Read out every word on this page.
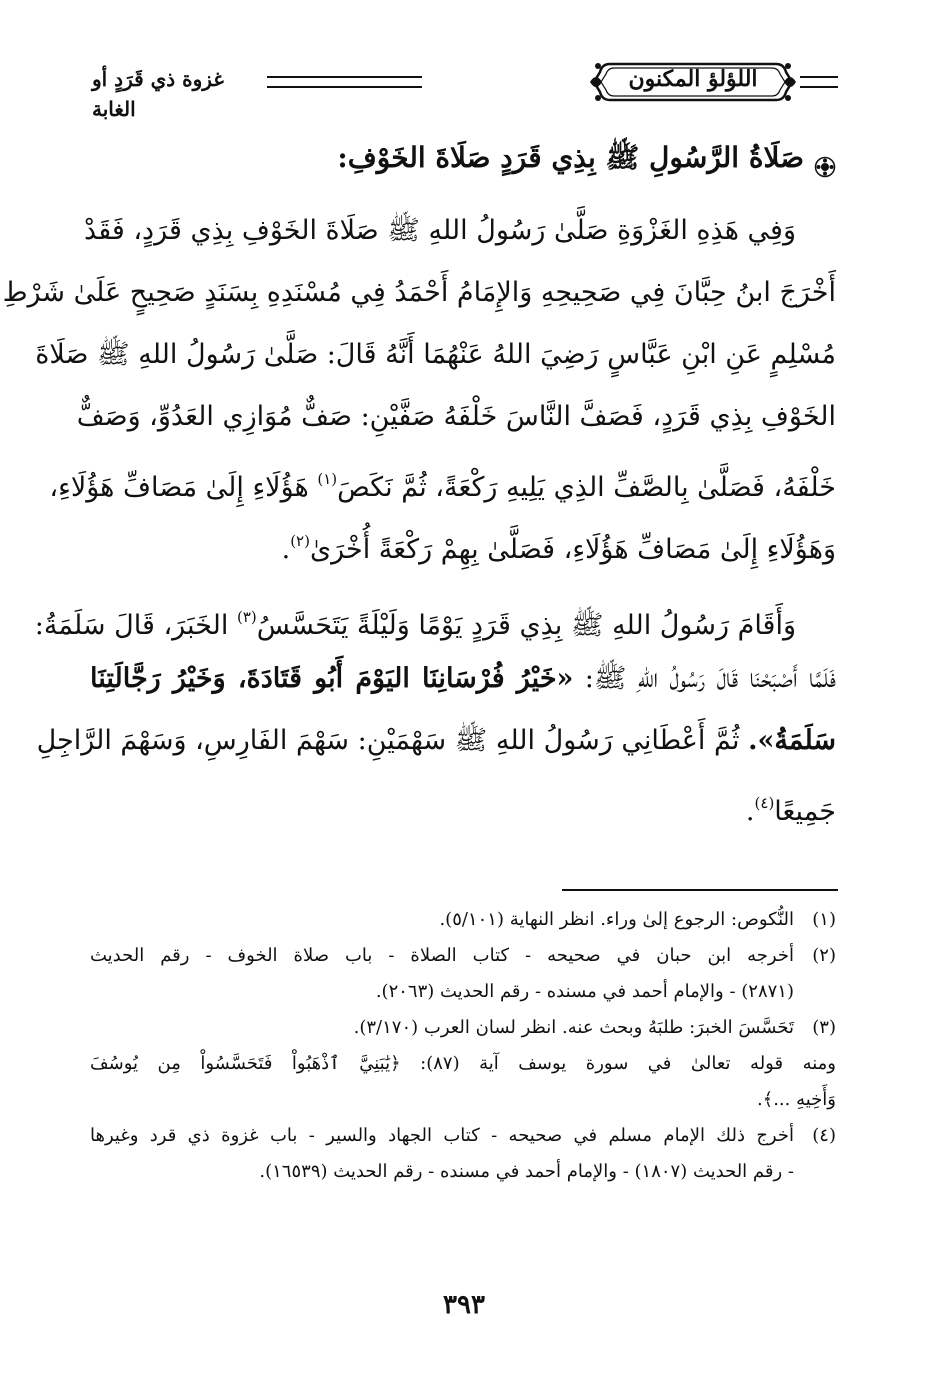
اللؤلؤ المكنون
غزوة ذي قَرَدٍ أو الغابة
صَلَاةُ الرَّسُولِ ﷺ بِذِي قَرَدٍ صَلَاةَ الخَوْفِ:
وَفِي هَذِهِ الغَزْوَةِ صَلَّىٰ رَسُولُ اللهِ ﷺ صَلَاةَ الخَوْفِ بِذِي قَرَدٍ، فَقَدْ
أَخْرَجَ ابنُ حِبَّانَ فِي صَحِيحِهِ وَالإِمَامُ أَحْمَدُ فِي مُسْنَدِهِ بِسَنَدٍ صَحِيحٍ عَلَىٰ شَرْطِ
مُسْلِمٍ عَنِ ابْنِ عَبَّاسٍ رَضِيَ اللهُ عَنْهُمَا أَنَّهُ قَالَ: صَلَّىٰ رَسُولُ اللهِ ﷺ صَلَاةَ
الخَوْفِ بِذِي قَرَدٍ، فَصَفَّ النَّاسَ خَلْفَهُ صَفَّيْنِ: صَفٌّ مُوَازِي العَدُوِّ، وَصَفٌّ
خَلْفَهُ، فَصَلَّىٰ بِالصَّفِّ الذِي يَلِيهِ رَكْعَةً، ثُمَّ نَكَصَ$^{(١)}$ هَؤُلَاءِ إِلَىٰ مَصَافِّ هَؤُلَاءِ،
وَهَؤُلَاءِ إِلَىٰ مَصَافِّ هَؤُلَاءِ، فَصَلَّىٰ بِهِمْ رَكْعَةً أُخْرَىٰ$^{(٢)}$.
وَأَقَامَ رَسُولُ اللهِ ﷺ بِذِي قَرَدٍ يَوْمًا وَلَيْلَةً يَتَحَسَّسُ$^{(٣)}$ الخَبَرَ، قَالَ سَلَمَةُ:
فَلَمَّا أَصْبَحْنَا قَالَ رَسُولُ اللهِ ﷺ: «خَيْرُ فُرْسَانِنَا اليَوْمَ أَبُو قَتَادَةَ، وَخَيْرُ رَجَّالَتِنَا
سَلَمَةُ». ثُمَّ أَعْطَانِي رَسُولُ اللهِ ﷺ سَهْمَيْنِ: سَهْمَ الفَارِسِ، وَسَهْمَ الرَّاجِلِ
جَمِيعًا$^{(٤)}$.
(١)
النُّكوص: الرجوع إلىٰ وراء. انظر النهاية (٥/١٠١).
(٢)
أخرجه ابن حبان في صحيحه - كتاب الصلاة - باب صلاة الخوف - رقم الحديث
(٢٨٧١) - والإمام أحمد في مسنده - رقم الحديث (٢٠٦٣).
(٣)
تَحَسَّسَ الخبرَ: طلبَهُ وبحث عنه. انظر لسان العرب (٣/١٧٠).
ومنه قوله تعالىٰ في سورة يوسف آية (٨٧): ﴿يَٰبَنِيَّ ٱذْهَبُواْ فَتَحَسَّسُواْ مِن يُوسُفَ
وَأَخِيهِ ...﴾.
(٤)
أخرج ذلك الإمام مسلم في صحيحه - كتاب الجهاد والسير - باب غزوة ذي قرد وغيرها
- رقم الحديث (١٨٠٧) - والإمام أحمد في مسنده - رقم الحديث (١٦٥٣٩).
٣٩٣
